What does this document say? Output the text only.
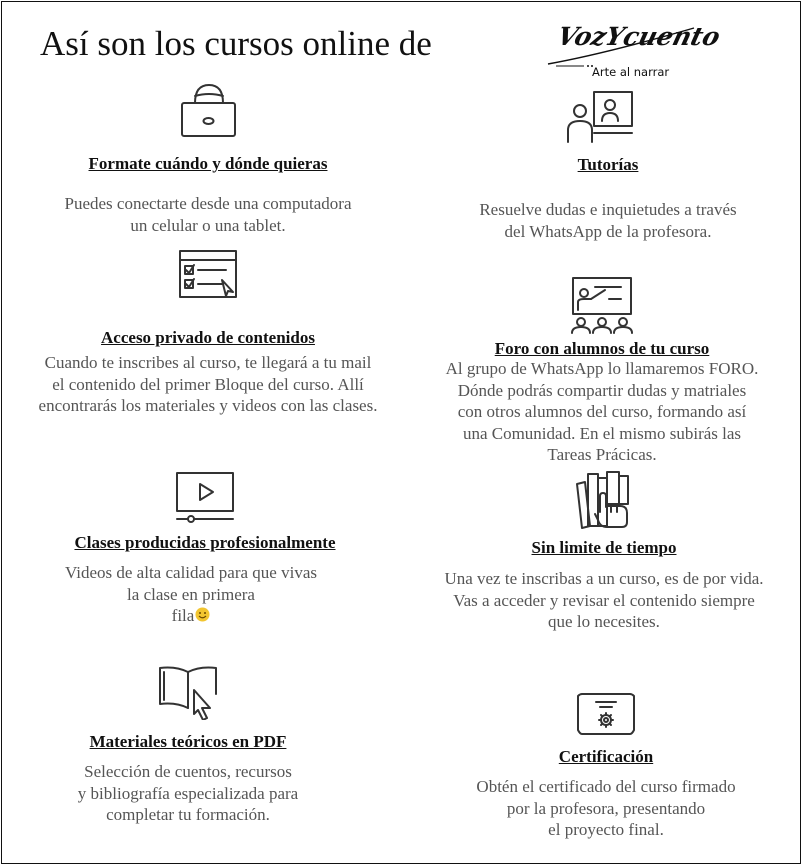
Así son los cursos online de	VozYcuento
Arte al narrar

Formate cuándo y dónde quieras

Puedes conectarte desde una computadora
un celular o una tablet.

Tutorías

Resuelve dudas e inquietudes a través
del WhatsApp de la profesora.

Acceso privado de contenidos

Cuando te inscribes al curso, te llegará a tu mail
el contenido del primer Bloque del curso. Allí
encontrarás los materiales y videos con las clases.

Foro con alumnos de tu curso

Al grupo de WhatsApp lo llamaremos FORO.
Dónde podrás compartir dudas y matriales
con otros alumnos del curso, formando así
una Comunidad. En el mismo subirás las
Tareas Prácicas.

Clases producidas profesionalmente

Videos de alta calidad para que vivas
la clase en primera
fila

Sin limite de tiempo

Una vez te inscribas a un curso, es de por vida.
Vas a acceder y revisar el contenido siempre
que lo necesites.

Materiales teóricos en PDF

Selección de cuentos, recursos
y bibliografía especializada para
completar tu formación.

Certificación

Obtén el certificado del curso firmado
por la profesora, presentando
el proyecto final.
